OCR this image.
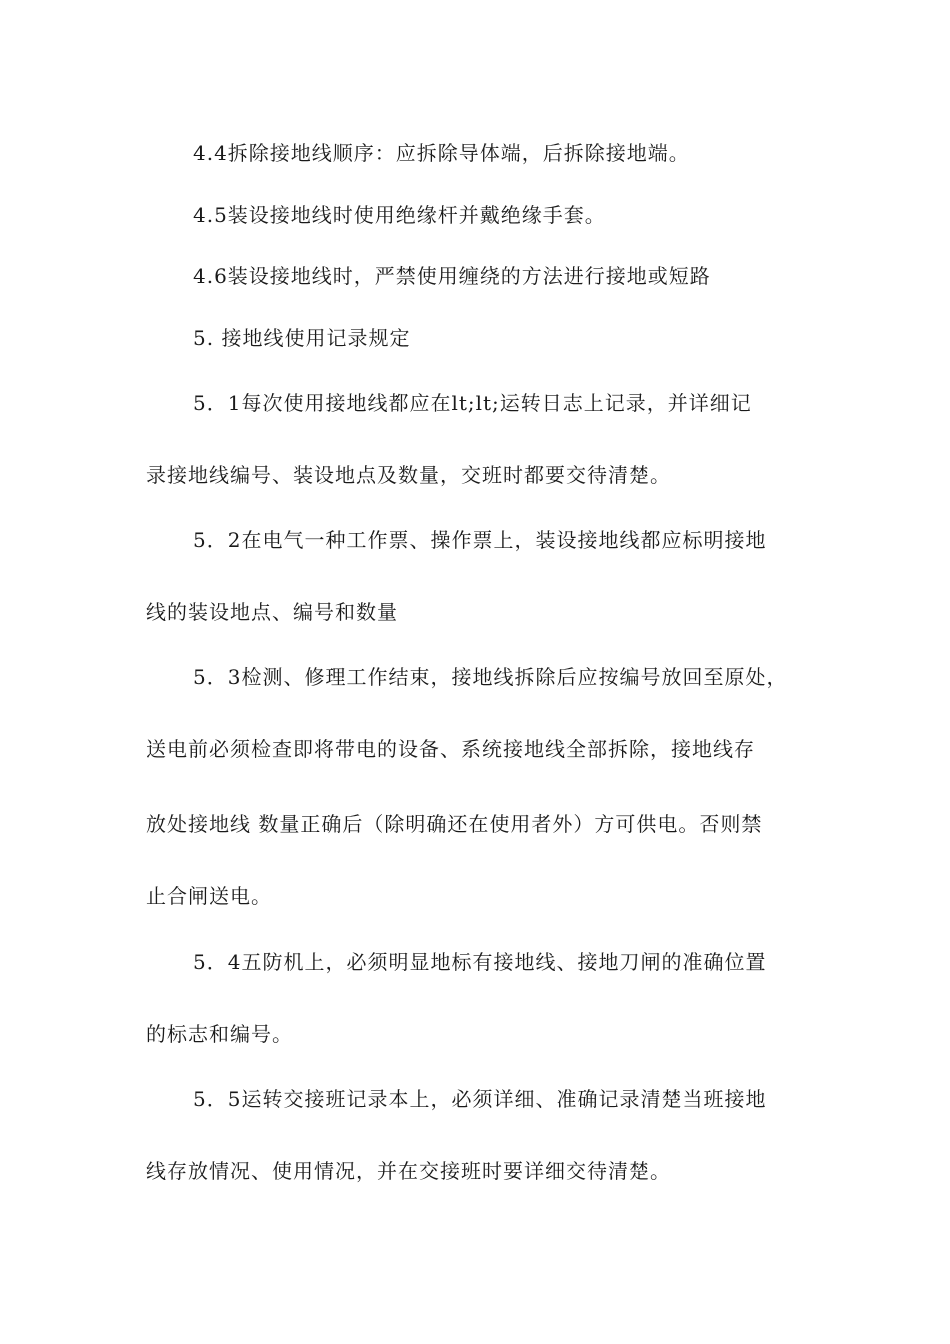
4.4拆除接地线顺序：应拆除导体端，后拆除接地端。
4.5装设接地线时使用绝缘杆并戴绝缘手套。
4.6装设接地线时，严禁使用缠绕的方法进行接地或短路
5. 接地线使用记录规定
5．1每次使用接地线都应在lt;lt;运转日志上记录，并详细记
录接地线编号、装设地点及数量，交班时都要交待清楚。
5．2在电气一种工作票、操作票上，装设接地线都应标明接地
线的装设地点、编号和数量
5．3检测、修理工作结束，接地线拆除后应按编号放回至原处，
送电前必须检查即将带电的设备、系统接地线全部拆除，接地线存
放处接地线 数量正确后（除明确还在使用者外）方可供电。否则禁
止合闸送电。
5．4五防机上，必须明显地标有接地线、接地刀闸的准确位置
的标志和编号。
5．5运转交接班记录本上，必须详细、准确记录清楚当班接地
线存放情况、使用情况，并在交接班时要详细交待清楚。
